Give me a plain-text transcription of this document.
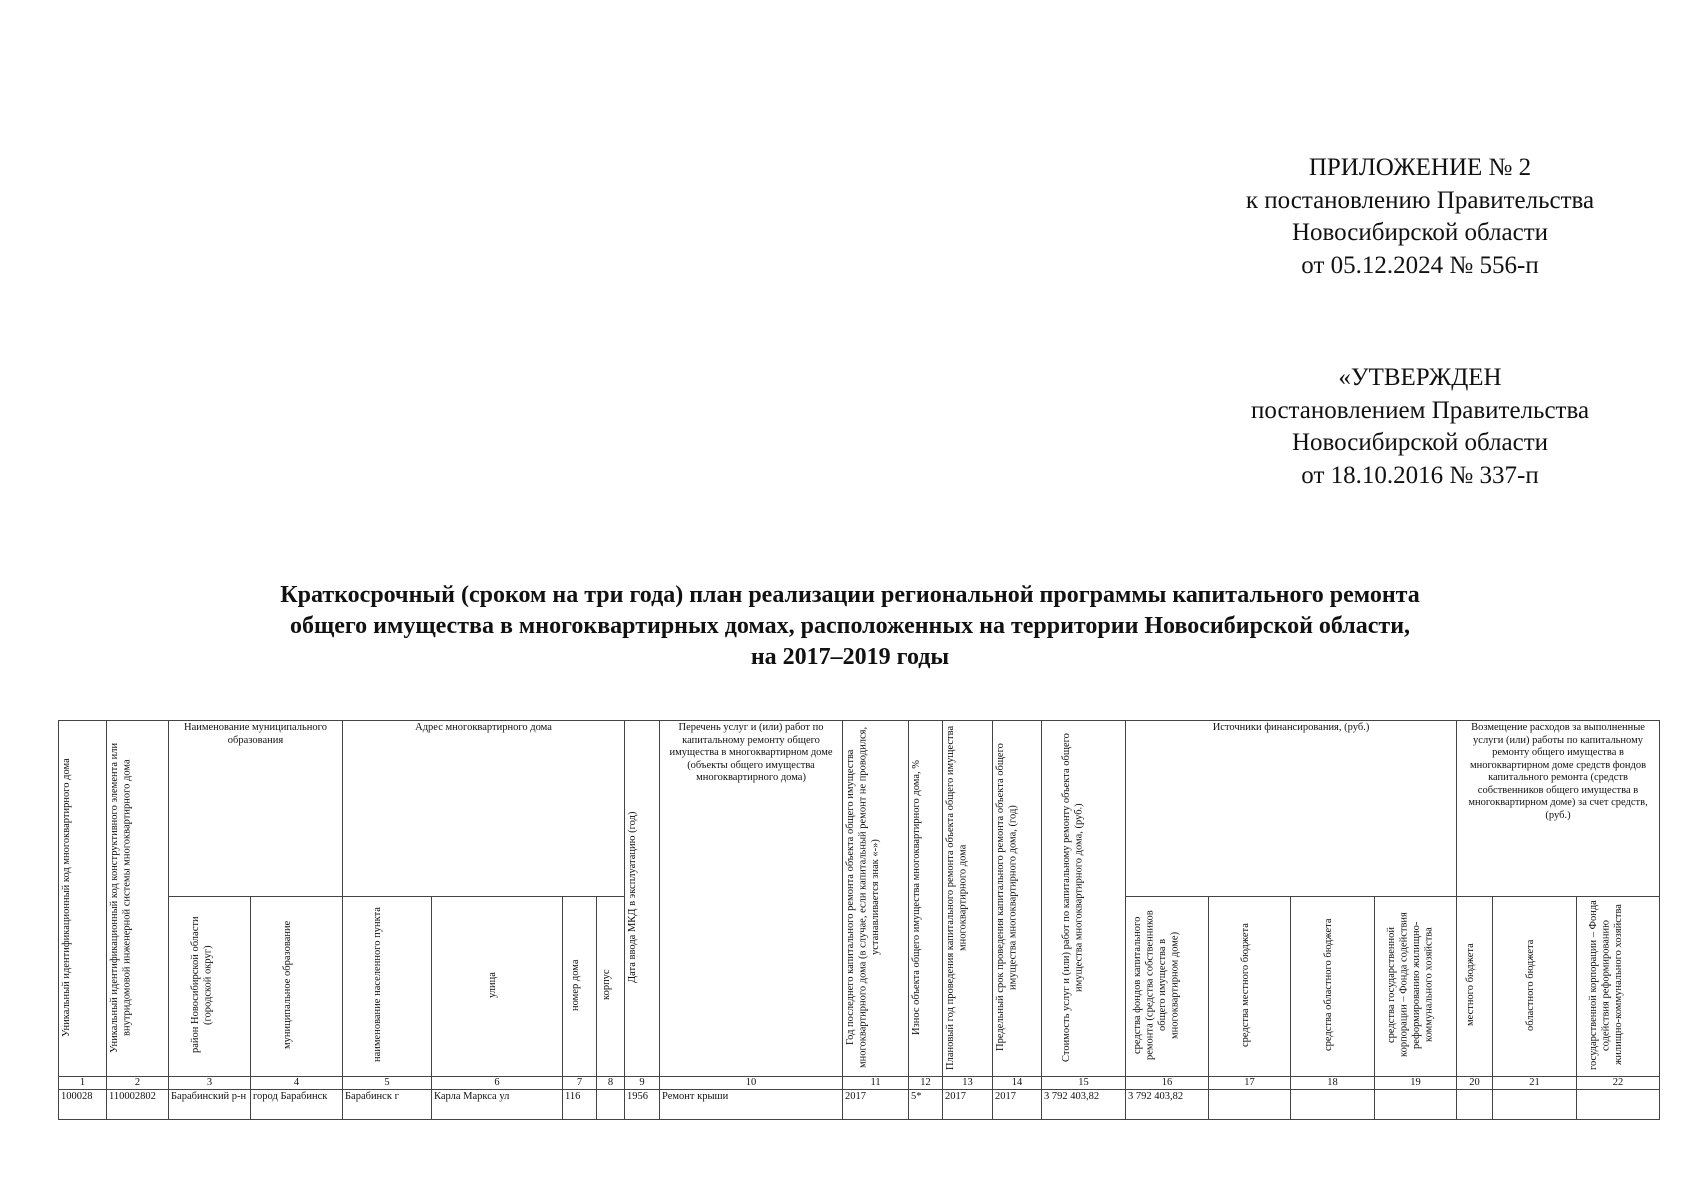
ПРИЛОЖЕНИЕ № 2
к постановлению Правительства
Новосибирской области
от 05.12.2024 № 556-п
«УТВЕРЖДЕН
постановлением Правительства
Новосибирской области
от 18.10.2016 № 337-п
Краткосрочный (сроком на три года) план реализации региональной программы капитального ремонта
общего имущества в многоквартирных домах, расположенных на территории Новосибирской области,
на 2017–2019 годы
Уникальный идентификационный код многоквартирного дома	Уникальный идентификационный код конструктивного элемента или внутридомовой инженерной системы многоквартирного дома	Наименование муниципального образования		Адрес многоквартирного дома				Дата ввода МКД в эксплуатацию (год)	Перечень услуг и (или) работ по капитальному ремонту общего имущества в многоквартирном доме (объекты общего имущества многоквартирного дома)	Год последнего капитального ремонта объекта общего имущества многоквартирного дома (в случае, если капитальный ремонт не проводился, устанавливается знак «-»)	Износ объекта общего имущества многоквартирного дома, %	Плановый год проведения капитального ремонта объекта общего имущества многоквартирного дома	Предельный срок проведения капитального ремонта объекта общего имущества многоквартирного дома, (год)	Стоимость услуг и (или) работ по капитальному ремонту объекта общего имущества многоквартирного дома, (руб.)	Источники финансирования, (руб.)				Возмещение расходов за выполненные услуги (или) работы по капитальному ремонту общего имущества в многоквартирном доме средств фондов капитального ремонта (средств собственников общего имущества в многоквартирном доме) за счет средств, (руб.)		
		район Новосибирской области (городской округ)	муниципальное образование	наименование населенного пункта	улица	номер дома	корпус								средства фондов капитального ремонта (средства собственников общего имущества в многоквартирном доме)	средства местного бюджета	средства областного бюджета	средства государственной корпорации – Фонда содействия реформированию жилищно-коммунального хозяйства	местного бюджета	областного бюджета	государственной корпорации – Фонда содействия реформированию жилищно-коммунального хозяйства
1	2	3	4	5	6	7	8	9	10	11	12	13	14	15	16	17	18	19	20	21	22
100028	110002802	Барабинский р-н	город Барабинск	Барабинск г	Карла Маркса ул	116		1956	Ремонт крыши	2017	5*	2017	2017	3 792 403,82	3 792 403,82						
